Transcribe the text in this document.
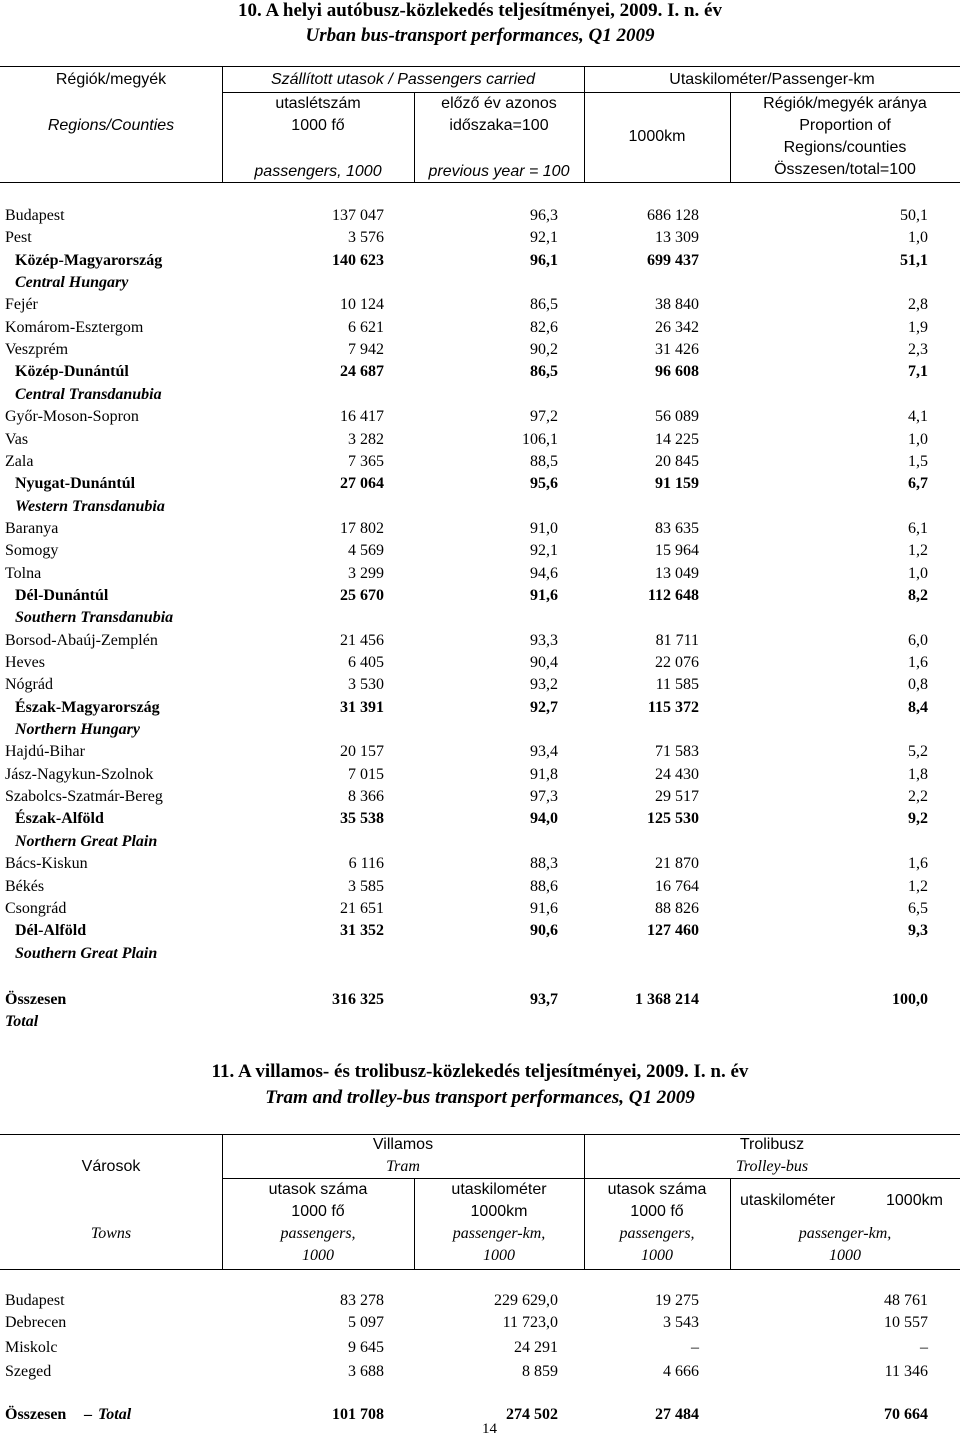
10. A helyi autóbusz-közlekedés teljesítményei, 2009. I. n. év
Urban bus-transport performances, Q1 2009
Régiók/megyék
Regions/Counties
Szállított utasok / Passengers carried
utaslétszám
1000 fő
passengers, 1000
előző év azonos
időszaka=100
previous year = 100
Utaskilométer/Passenger-km
1000km
Régiók/megyék aránya
Proportion of
Regions/counties
Összesen/total=100
Budapest	137 047	96,3	686 128	50,1
Pest	3 576	92,1	13 309	1,0
Közép-Magyarország	140 623	96,1	699 437	51,1
Central Hungary
Fejér	10 124	86,5	38 840	2,8
Komárom-Esztergom	6 621	82,6	26 342	1,9
Veszprém	7 942	90,2	31 426	2,3
Közép-Dunántúl	24 687	86,5	96 608	7,1
Central Transdanubia
Győr-Moson-Sopron	16 417	97,2	56 089	4,1
Vas	3 282	106,1	14 225	1,0
Zala	7 365	88,5	20 845	1,5
Nyugat-Dunántúl	27 064	95,6	91 159	6,7
Western Transdanubia
Baranya	17 802	91,0	83 635	6,1
Somogy	4 569	92,1	15 964	1,2
Tolna	3 299	94,6	13 049	1,0
Dél-Dunántúl	25 670	91,6	112 648	8,2
Southern Transdanubia
Borsod-Abaúj-Zemplén	21 456	93,3	81 711	6,0
Heves	6 405	90,4	22 076	1,6
Nógrád	3 530	93,2	11 585	0,8
Észak-Magyarország	31 391	92,7	115 372	8,4
Northern Hungary
Hajdú-Bihar	20 157	93,4	71 583	5,2
Jász-Nagykun-Szolnok	7 015	91,8	24 430	1,8
Szabolcs-Szatmár-Bereg	8 366	97,3	29 517	2,2
Észak-Alföld	35 538	94,0	125 530	9,2
Northern Great Plain
Bács-Kiskun	6 116	88,3	21 870	1,6
Békés	3 585	88,6	16 764	1,2
Csongrád	21 651	91,6	88 826	6,5
Dél-Alföld	31 352	90,6	127 460	9,3
Southern Great Plain
Összesen	316 325	93,7	1 368 214	100,0
Total
11. A villamos- és trolibusz-közlekedés teljesítményei, 2009. I. n. év
Tram and trolley-bus transport performances, Q1 2009
Városok
Towns
Villamos
Tram
Trolibusz
Trolley-bus
utasok száma
1000 fő
passengers,
1000
utaskilométer
1000km
passenger-km,
1000
utasok száma
1000 fő
passengers,
1000
utaskilométer	1000km
passenger-km,
1000
Budapest	83 278	229 629,0	19 275	48 761
Debrecen	5 097	11 723,0	3 543	10 557
Miskolc	9 645	24 291	–	–
Szeged	3 688	8 859	4 666	11 346
Összesen – Total	101 708	274 502	27 484	70 664
14
